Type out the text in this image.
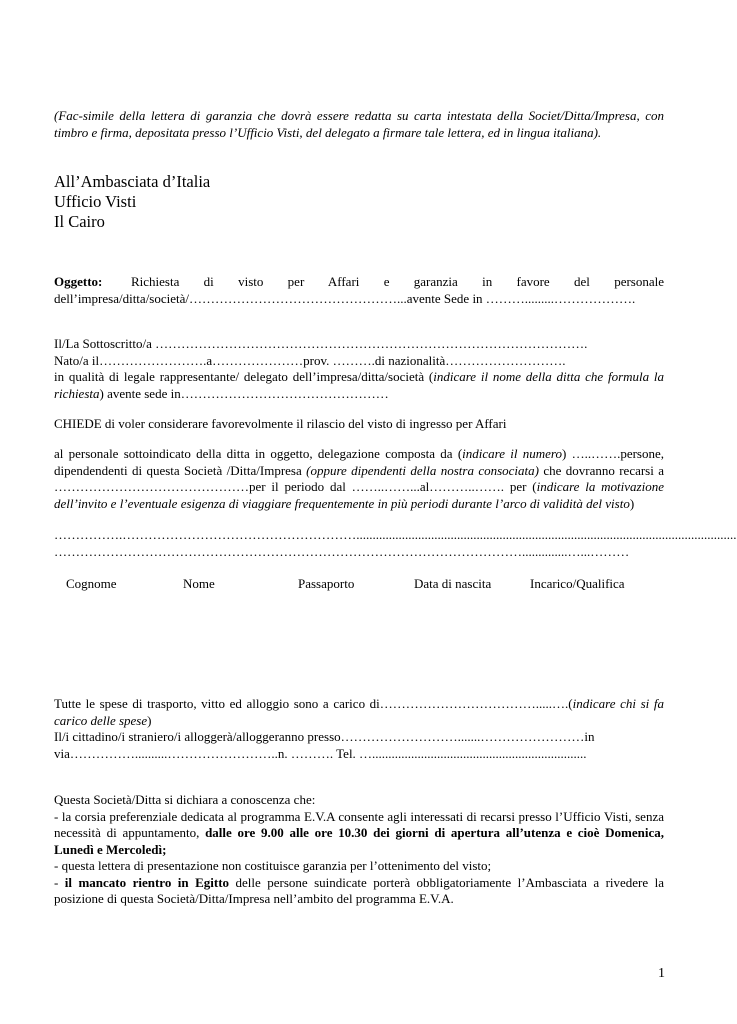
(Fac-simile della lettera di garanzia che dovrà essere redatta su carta intestata della Societ/Ditta/Impresa, con timbro e firma, depositata presso l’Ufficio Visti, del delegato a firmare tale lettera, ed in lingua italiana).
All’Ambasciata d’Italia
Ufficio Visti
Il Cairo
Oggetto:	Richiesta di visto per Affari e garanzia in favore del personale
dell’impresa/ditta/società/…………………………………………...avente Sede in ……….........……………….
Il/La Sottoscritto/a ……………………………………………………………………………………….
Nato/a il…………………….a…………………prov. ……….di nazionalità……………………….
in qualità di legale rappresentante/ delegato dell’impresa/ditta/società (indicare il nome della ditta che formula la richiesta) avente sede in…………………………………………
CHIEDE di voler considerare favorevolmente il rilascio del visto di ingresso per Affari
al personale sottoindicato della ditta in oggetto, delegazione composta da (indicare il numero) …..…….persone, dipendendenti di questa Società /Ditta/Impresa (oppure dipendenti della nostra consociata) che dovranno recarsi a ………………………………………per il periodo dal ……..……...al………..……. per (indicare la motivazione dell’invito e l’eventuale esigenza di viaggiare frequentemente in più periodi durante l’arco di validità del visto)
…………….……………………………………………….....................................................................................................................
………………………………………………………………………………………………..............…...………
Cognome	Nome	Passaporto	Data di nascita	Incarico/Qualifica
Tutte le spese di trasporto, vitto ed alloggio sono a carico di……………………………….....….(indicare chi si fa carico delle spese)
Il/i cittadino/i straniero/i alloggerà/alloggeranno presso……………………….......……………………in
via……………..........……………………..n. ………. Tel. …..................................................................
Questa Società/Ditta si dichiara a conoscenza che:
- la corsia preferenziale dedicata al programma E.V.A consente agli interessati di recarsi presso l’Ufficio Visti, senza necessità di appuntamento, dalle ore 9.00 alle ore 10.30 dei giorni di apertura all’utenza e cioè Domenica, Lunedì e Mercoledì;
- questa lettera di presentazione non costituisce garanzia per l’ottenimento del visto;
- il mancato rientro in Egitto delle persone suindicate porterà obbligatoriamente l’Ambasciata a rivedere la posizione di questa Società/Ditta/Impresa nell’ambito del programma E.V.A.
1
